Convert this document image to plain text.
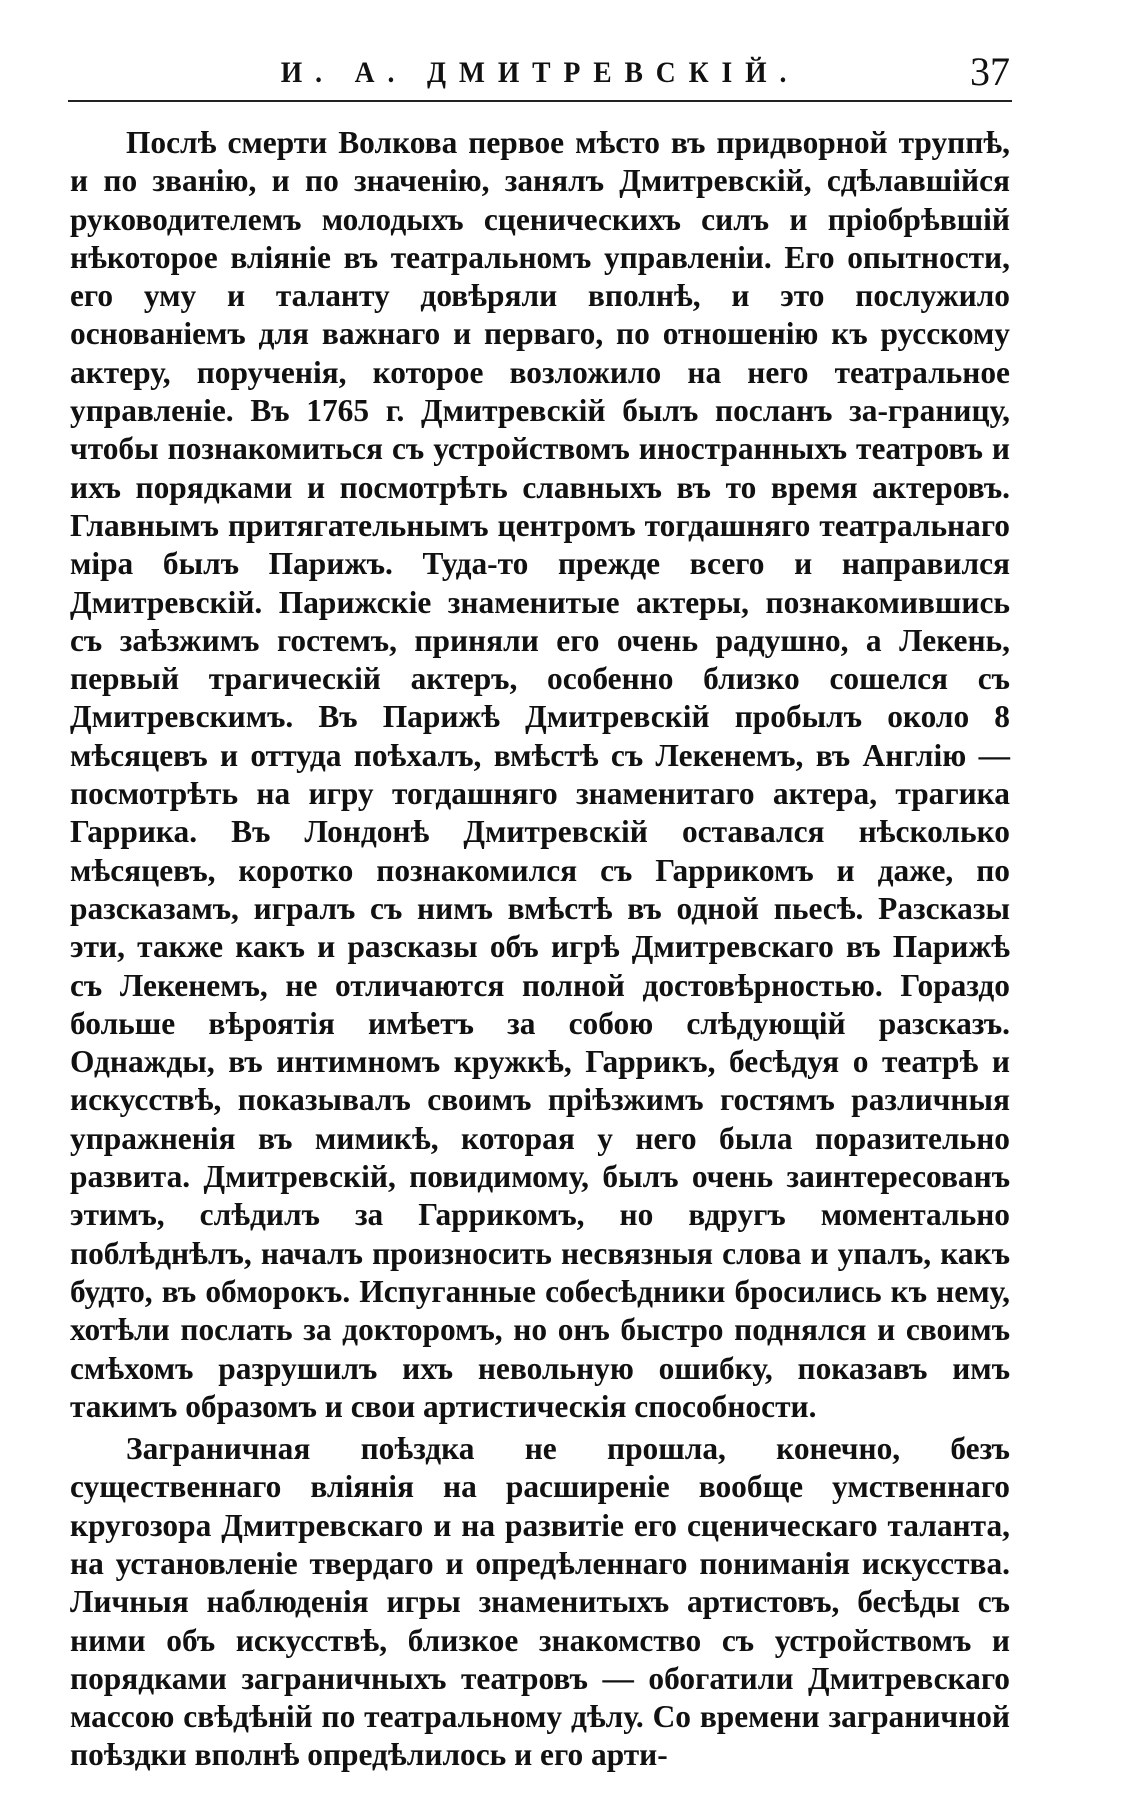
И. А. ДМИТРЕВСКІЙ.	37

Послѣ смерти Волкова первое мѣсто въ придворной труппѣ, и по званію, и по значенію, занялъ Дмитревскій, сдѣлавшійся руководителемъ молодыхъ сценическихъ силъ и пріобрѣвшій нѣкоторое вліяніе въ театральномъ управленіи. Его опытности, его уму и таланту довѣряли вполнѣ, и это послужило основаніемъ для важнаго и перваго, по отношенію къ русскому актеру, порученія, которое возложило на него театральное управленіе. Въ 1765 г. Дмитревскій былъ посланъ за-границу, чтобы познакомиться съ устройствомъ иностранныхъ театровъ и ихъ порядками и посмотрѣть славныхъ въ то время актеровъ. Главнымъ притягательнымъ центромъ тогдашняго театральнаго міра былъ Парижъ. Туда-то прежде всего и направился Дмитревскій. Парижскіе знаменитые актеры, познакомившись съ заѣзжимъ гостемъ, приняли его очень радушно, а Лекень, первый трагическій актеръ, особенно близко сошелся съ Дмитревскимъ. Въ Парижѣ Дмитревскій пробылъ около 8 мѣсяцевъ и оттуда поѣхалъ, вмѣстѣ съ Лекенемъ, въ Англію — посмотрѣть на игру тогдашняго знаменитаго актера, трагика Гаррика. Въ Лондонѣ Дмитревскій оставался нѣсколько мѣсяцевъ, коротко познакомился съ Гаррикомъ и даже, по разсказамъ, игралъ съ нимъ вмѣстѣ въ одной пьесѣ. Разсказы эти, также какъ и разсказы объ игрѣ Дмитревскаго въ Парижѣ съ Лекенемъ, не отличаются полной достовѣрностью. Гораздо больше вѣроятія имѣетъ за собою слѣдующій разсказъ. Однажды, въ интимномъ кружкѣ, Гаррикъ, бесѣдуя о театрѣ и искусствѣ, показывалъ своимъ пріѣзжимъ гостямъ различныя упражненія въ мимикѣ, которая у него была поразительно развита. Дмитревскій, повидимому, былъ очень заинтересованъ этимъ, слѣдилъ за Гаррикомъ, но вдругъ моментально поблѣднѣлъ, началъ произносить несвязныя слова и упалъ, какъ будто, въ обморокъ. Испуганные собесѣдники бросились къ нему, хотѣли послать за докторомъ, но онъ быстро поднялся и своимъ смѣхомъ разрушилъ ихъ невольную ошибку, показавъ имъ такимъ образомъ и свои артистическія способности.

Заграничная поѣздка не прошла, конечно, безъ существеннаго вліянія на расширеніе вообще умственнаго кругозора Дмитревскаго и на развитіе его сценическаго таланта, на установленіе твердаго и опредѣленнаго пониманія искусства. Личныя наблюденія игры знаменитыхъ артистовъ, бесѣды съ ними объ искусствѣ, близкое знакомство съ устройствомъ и порядками заграничныхъ театровъ — обогатили Дмитревскаго массою свѣдѣній по театральному дѣлу. Со времени заграничной поѣздки вполнѣ опредѣлилось и его арти-
